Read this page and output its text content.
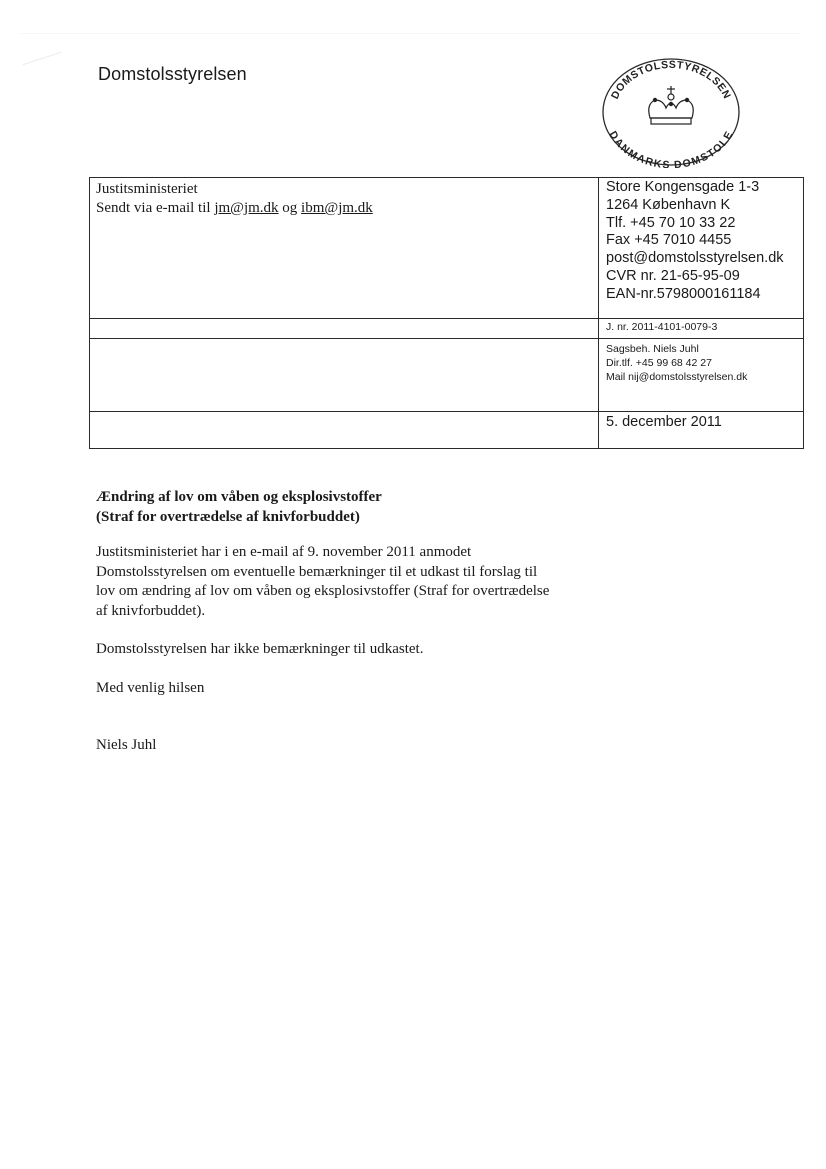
Domstolsstyrelsen
DOMSTOLSSTYRELSEN
DANMARKS DOMSTOLE
Justitsministeriet
Sendt via e-mail til jm@jm.dk og ibm@jm.dk
Store Kongensgade 1-3
1264 København K
Tlf. +45 70 10 33 22
Fax +45 7010 4455
post@domstolsstyrelsen.dk
CVR nr. 21-65-95-09
EAN-nr.5798000161184
J. nr. 2011-4101-0079-3
Sagsbeh. Niels Juhl
Dir.tlf. +45 99 68 42 27
Mail nij@domstolsstyrelsen.dk
5. december 2011
Ændring af lov om våben og eksplosivstoffer
(Straf for overtrædelse af knivforbuddet)
Justitsministeriet har i en e-mail af 9. november 2011 anmodet
Domstolsstyrelsen om eventuelle bemærkninger til et udkast til forslag til
lov om ændring af lov om våben og eksplosivstoffer (Straf for overtrædelse
af knivforbuddet).
Domstolsstyrelsen har ikke bemærkninger til udkastet.
Med venlig hilsen
Niels Juhl
